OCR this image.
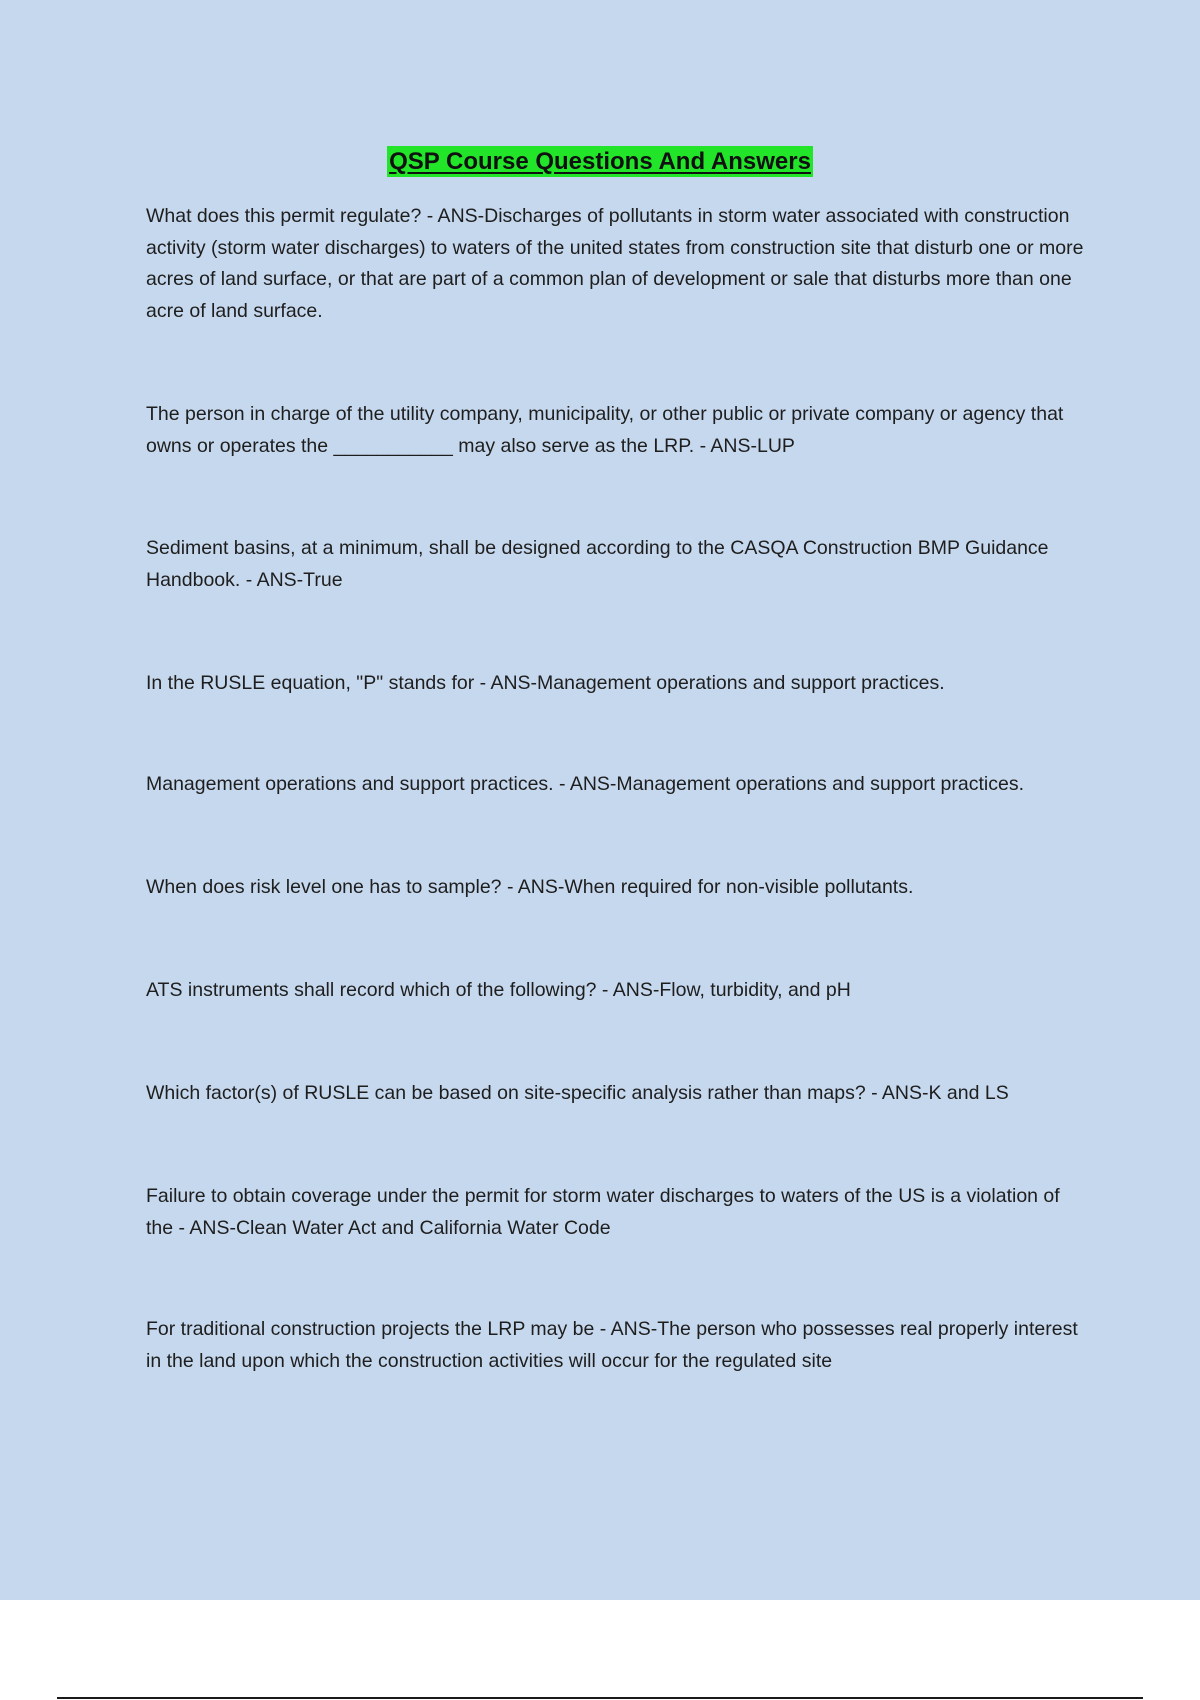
QSP Course Questions And Answers

What does this permit regulate? - ANS-Discharges of pollutants in storm water associated with construction activity (storm water discharges) to waters of the united states from construction site that disturb one or more acres of land surface, or that are part of a common plan of development or sale that disturbs more than one acre of land surface.

The person in charge of the utility company, municipality, or other public or private company or agency that owns or operates the ___________ may also serve as the LRP. - ANS-LUP

Sediment basins, at a minimum, shall be designed according to the CASQA Construction BMP Guidance Handbook. - ANS-True

In the RUSLE equation, "P" stands for - ANS-Management operations and support practices.

Management operations and support practices. - ANS-Management operations and support practices.

When does risk level one has to sample? - ANS-When required for non-visible pollutants.

ATS instruments shall record which of the following? - ANS-Flow, turbidity, and pH

Which factor(s) of RUSLE can be based on site-specific analysis rather than maps? - ANS-K and LS

Failure to obtain coverage under the permit for storm water discharges to waters of the US is a violation of the - ANS-Clean Water Act and California Water Code

For traditional construction projects the LRP may be - ANS-The person who possesses real properly interest in the land upon which the construction activities will occur for the regulated site
